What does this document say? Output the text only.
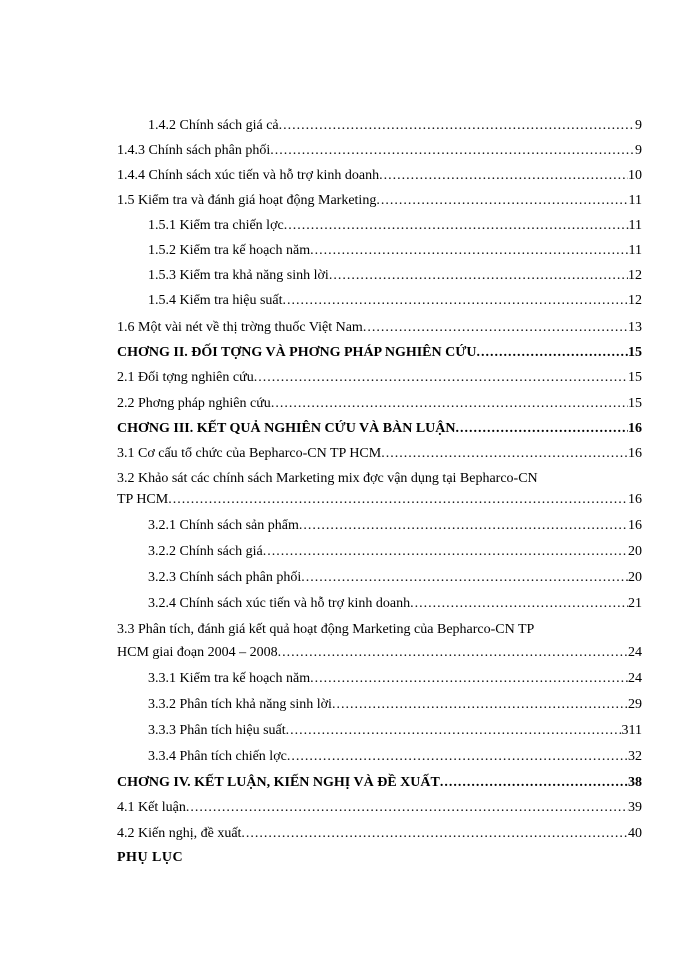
1.4.2 Chính sách giá cả .....	9
1.4.3 Chính sách phân phối .....	9
1.4.4 Chính sách xúc tiến và hỗ trợ kinh doanh .....	10
1.5 Kiểm tra và đánh giá hoạt động Marketing .....	11
1.5.1 Kiểm tra chiến lợc .....	11
1.5.2 Kiểm tra kế hoạch năm .....	11
1.5.3 Kiểm tra khả năng sinh lời .....	12
1.5.4 Kiểm tra hiệu suất .....	12
1.6 Một vài nét về thị trờng thuốc Việt Nam .....	13
CHƠNG II. ĐỐI TỢNG VÀ PHƠNG PHÁP NGHIÊN CỨU .....	15
2.1 Đối tợng nghiên cứu .....	15
2.2 Phơng pháp nghiên cứu .....	15
CHƠNG III. KẾT QUẢ NGHIÊN CỨU VÀ BÀN LUẬN .....	16
3.1 Cơ cấu tổ chức của Bepharco-CN TP HCM .....	16
3.2 Khảo sát các chính sách Marketing mix đợc vận dụng tại Bepharco-CN
TP HCM .....	16
3.2.1 Chính sách sản phẩm .....	16
3.2.2 Chính sách giá .....	20
3.2.3 Chính sách phân phối .....	20
3.2.4 Chính sách xúc tiến và hỗ trợ kinh doanh .....	21
3.3 Phân tích, đánh giá kết quả hoạt động Marketing của Bepharco-CN TP
HCM giai đoạn 2004 – 2008 .....	24
3.3.1 Kiểm tra kế hoạch năm .....	24
3.3.2 Phân tích khả năng sinh lời .....	29
3.3.3 Phân tích hiệu suất .....	311
3.3.4 Phân tích chiến lợc .....	32
CHƠNG IV. KẾT LUẬN, KIẾN NGHỊ VÀ ĐỀ XUẤT .....	38
4.1 Kết luận .....	39
4.2 Kiến nghị, đề xuất .....	40
PHỤ LỤC
